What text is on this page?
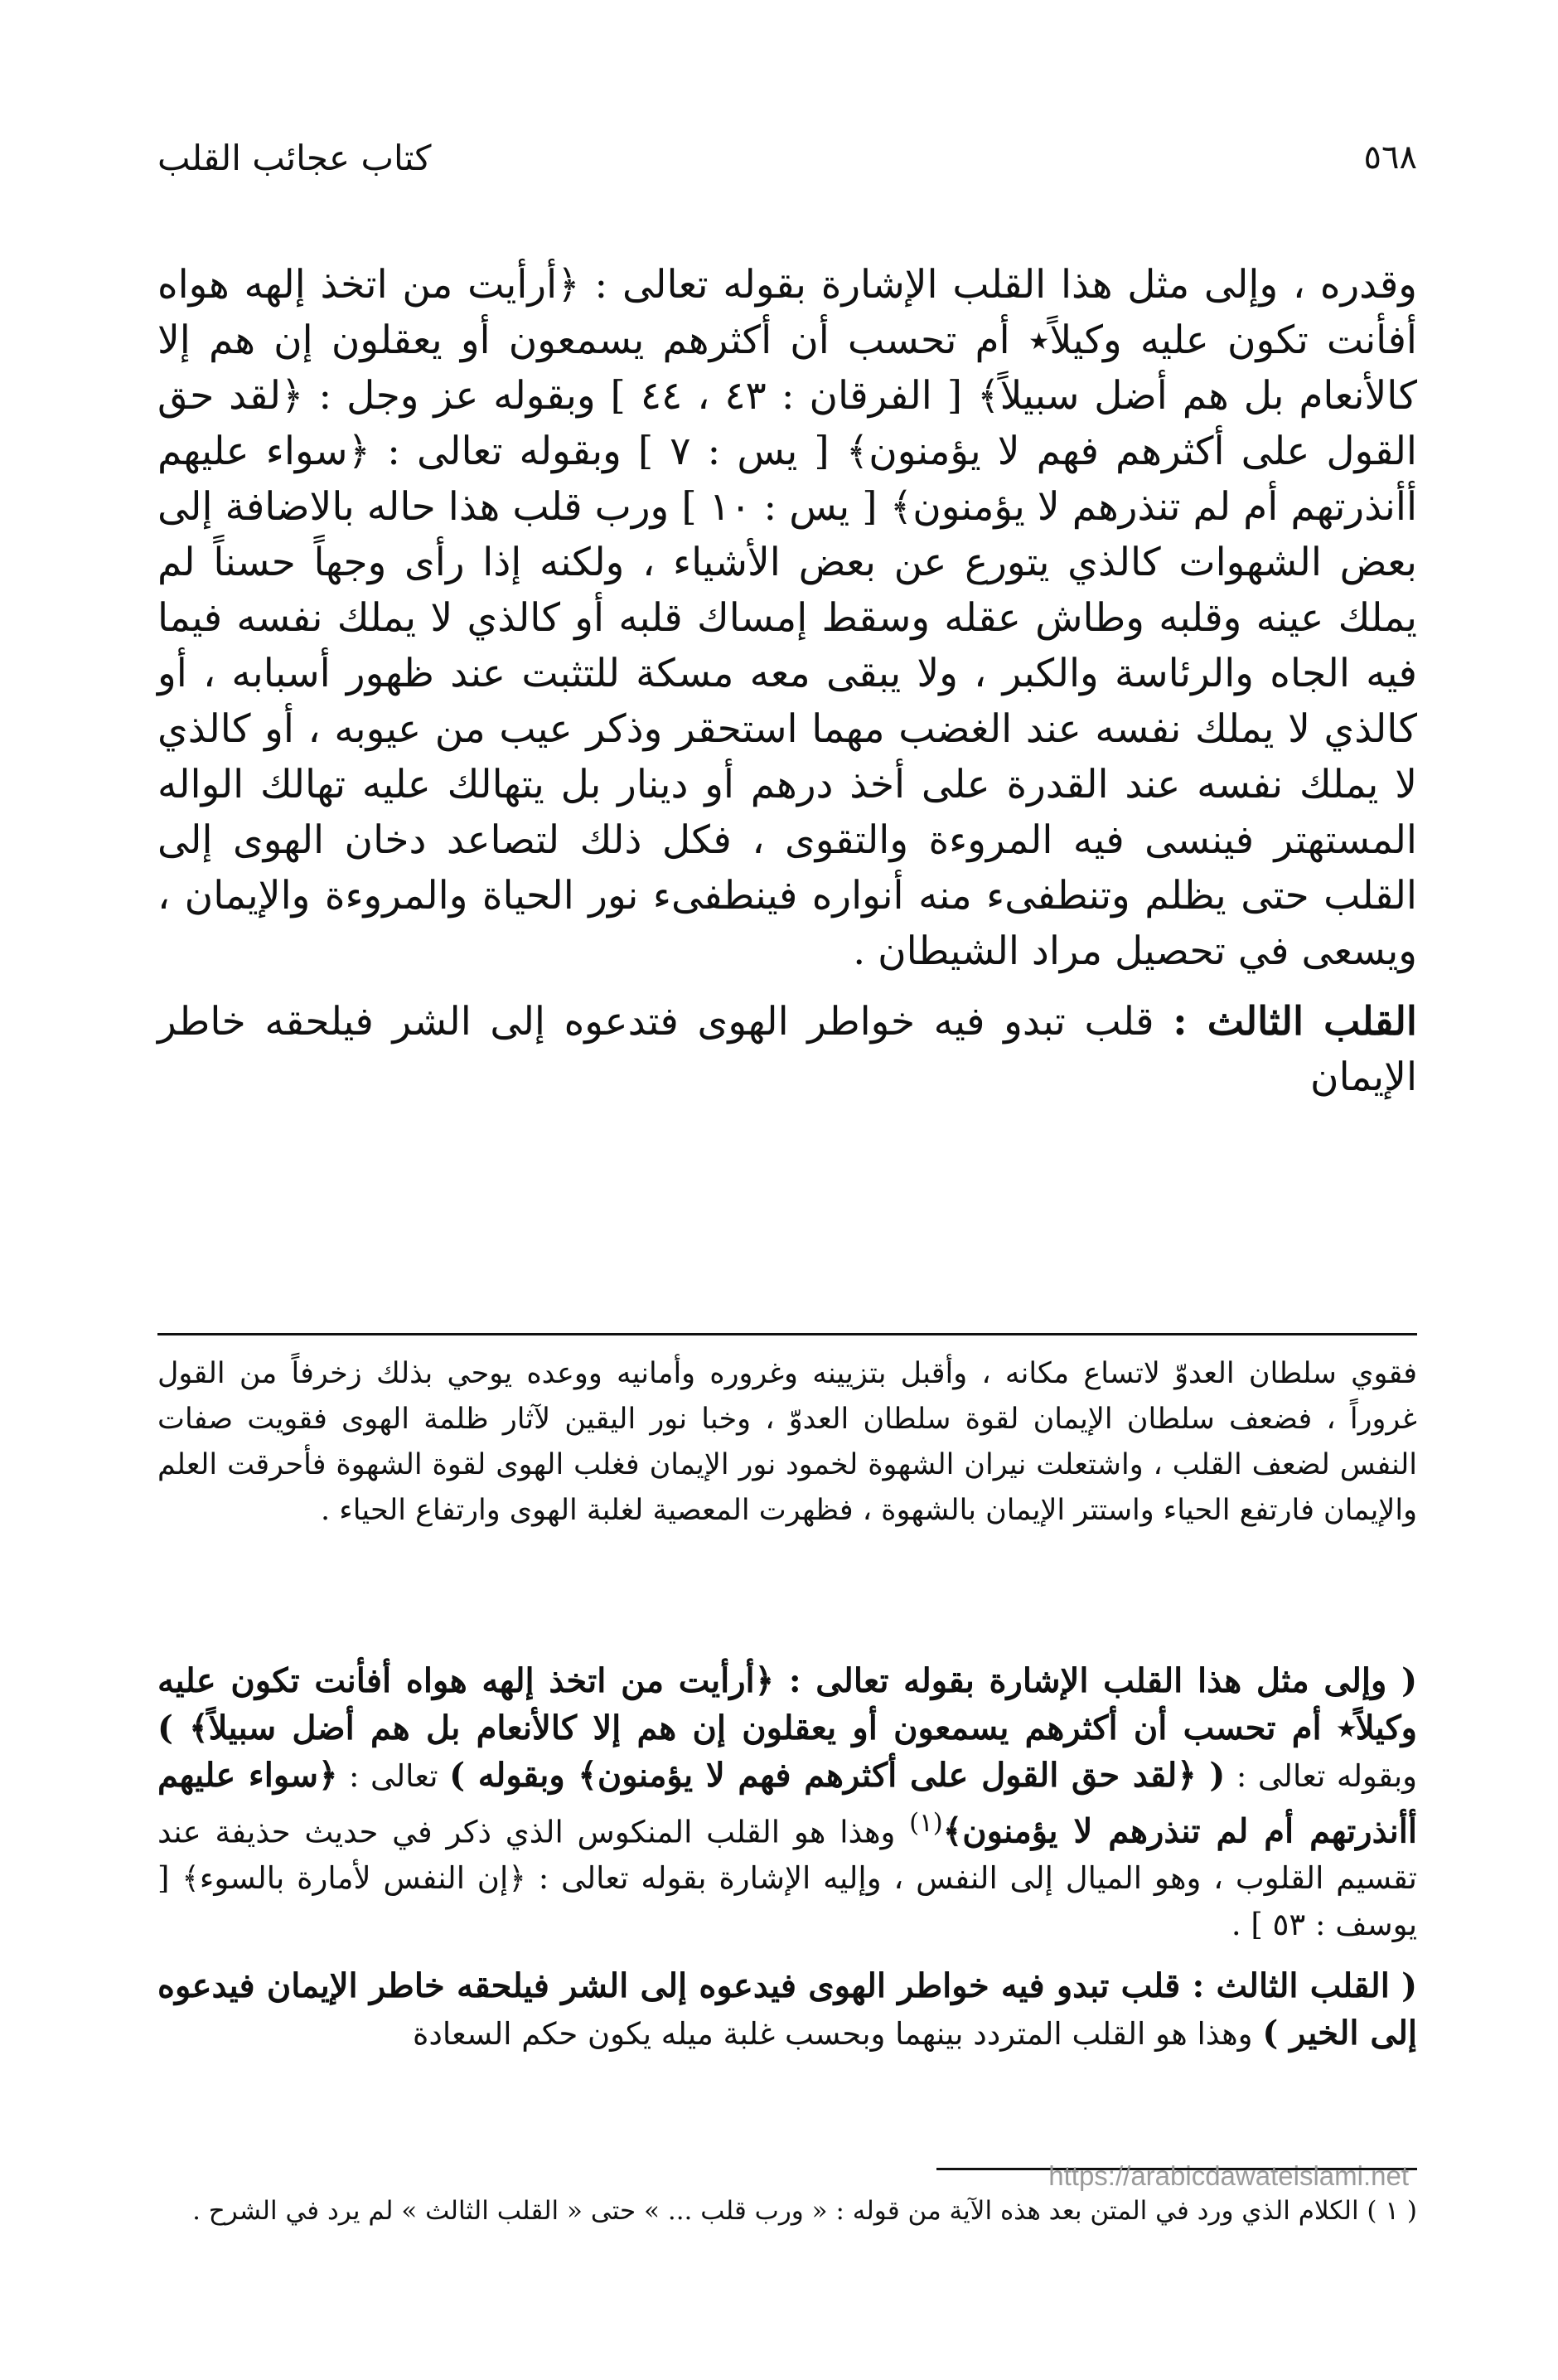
٥٦٨
كتاب عجائب القلب

وقدره ، وإلى مثل هذا القلب الإشارة بقوله تعالى : ﴿أرأيت من اتخذ إلهه هواه أفأنت تكون عليه وكيلاً٭ أم تحسب أن أكثرهم يسمعون أو يعقلون إن هم إلا كالأنعام بل هم أضل سبيلاً﴾ [ الفرقان : ٤٣ ، ٤٤ ] وبقوله عز وجل : ﴿لقد حق القول على أكثرهم فهم لا يؤمنون﴾ [ يس : ٧ ] وبقوله تعالى : ﴿سواء عليهم أأنذرتهم أم لم تنذرهم لا يؤمنون﴾ [ يس : ١٠ ] ورب قلب هذا حاله بالاضافة إلى بعض الشهوات كالذي يتورع عن بعض الأشياء ، ولكنه إذا رأى وجهاً حسناً لم يملك عينه وقلبه وطاش عقله وسقط إمساك قلبه أو كالذي لا يملك نفسه فيما فيه الجاه والرئاسة والكبر ، ولا يبقى معه مسكة للتثبت عند ظهور أسبابه ، أو كالذي لا يملك نفسه عند الغضب مهما استحقر وذكر عيب من عيوبه ، أو كالذي لا يملك نفسه عند القدرة على أخذ درهم أو دينار بل يتهالك عليه تهالك الواله المستهتر فينسى فيه المروءة والتقوى ، فكل ذلك لتصاعد دخان الهوى إلى القلب حتى يظلم وتنطفىء منه أنواره فينطفىء نور الحياة والمروءة والإيمان ، ويسعى في تحصيل مراد الشيطان .

القلب الثالث : قلب تبدو فيه خواطر الهوى فتدعوه إلى الشر فيلحقه خاطر الإيمان

فقوي سلطان العدوّ لاتساع مكانه ، وأقبل بتزيينه وغروره وأمانيه ووعده يوحي بذلك زخرفاً من القول غروراً ، فضعف سلطان الإيمان لقوة سلطان العدوّ ، وخبا نور اليقين لآثار ظلمة الهوى فقويت صفات النفس لضعف القلب ، واشتعلت نيران الشهوة لخمود نور الإيمان فغلب الهوى لقوة الشهوة فأحرقت العلم والإيمان فارتفع الحياء واستتر الإيمان بالشهوة ، فظهرت المعصية لغلبة الهوى وارتفاع الحياء .

( وإلى مثل هذا القلب الإشارة بقوله تعالى : ﴿أرأيت من اتخذ إلهه هواه أفأنت تكون عليه وكيلاً٭ أم تحسب أن أكثرهم يسمعون أو يعقلون إن هم إلا كالأنعام بل هم أضل سبيلاً﴾ ) وبقوله تعالى : ( ﴿لقد حق القول على أكثرهم فهم لا يؤمنون﴾ وبقوله ) تعالى : ﴿سواء عليهم أأنذرتهم أم لم تنذرهم لا يؤمنون﴾$^{(١)}$ وهذا هو القلب المنكوس الذي ذكر في حديث حذيفة عند تقسيم القلوب ، وهو الميال إلى النفس ، وإليه الإشارة بقوله تعالى : ﴿إن النفس لأمارة بالسوء﴾ [ يوسف : ٥٣ ] .

( القلب الثالث : قلب تبدو فيه خواطر الهوى فيدعوه إلى الشر فيلحقه خاطر الإيمان فيدعوه إلى الخير ) وهذا هو القلب المتردد بينهما وبحسب غلبة ميله يكون حكم السعادة

( ١ ) الكلام الذي ورد في المتن بعد هذه الآية من قوله : « ورب قلب ... » حتى « القلب الثالث » لم يرد في الشرح .

https://arabicdawateislami.net
